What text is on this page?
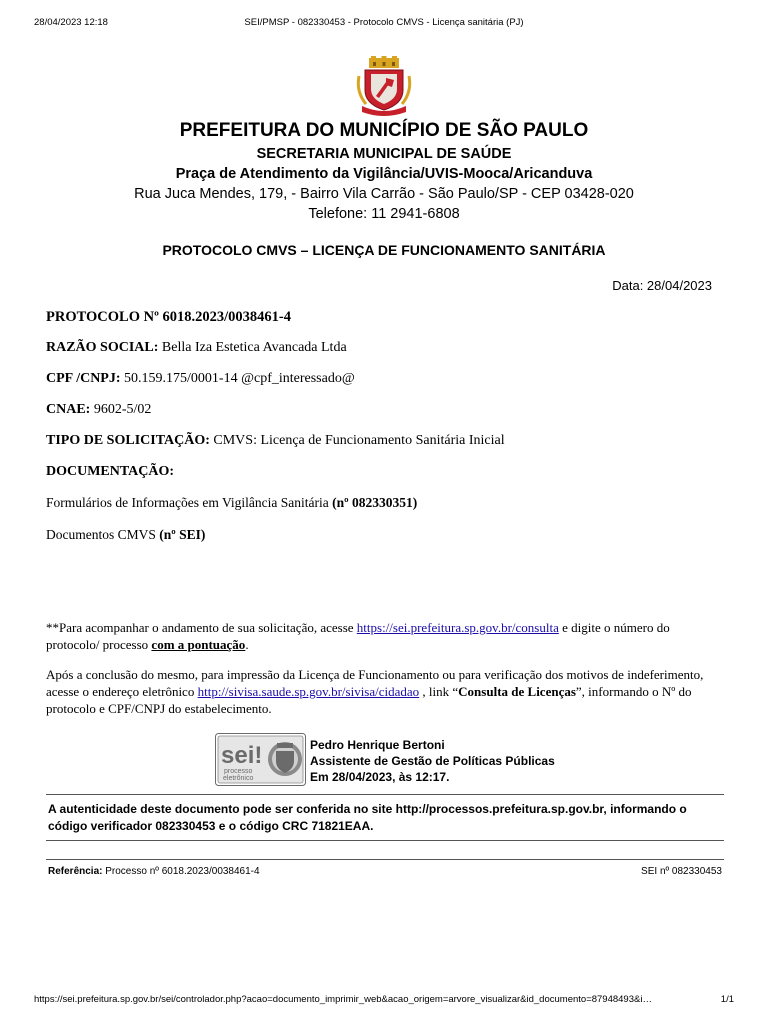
28/04/2023 12:18	SEI/PMSP - 082330453 - Protocolo CMVS - Licença sanitária (PJ)
PREFEITURA DO MUNICÍPIO DE SÃO PAULO
SECRETARIA MUNICIPAL DE SAÚDE
Praça de Atendimento da Vigilância/UVIS-Mooca/Aricanduva
Rua Juca Mendes, 179, - Bairro Vila Carrão - São Paulo/SP - CEP 03428-020
Telefone: 11 2941-6808
PROTOCOLO CMVS – LICENÇA DE FUNCIONAMENTO SANITÁRIA
Data: 28/04/2023
PROTOCOLO Nº 6018.2023/0038461-4
RAZÃO SOCIAL: Bella Iza Estetica Avancada Ltda
CPF /CNPJ: 50.159.175/0001-14 @cpf_interessado@
CNAE: 9602-5/02
TIPO DE SOLICITAÇÃO: CMVS: Licença de Funcionamento Sanitária Inicial
DOCUMENTAÇÃO:
Formulários de Informações em Vigilância Sanitária (nº 082330351)
Documentos CMVS (nº SEI)
**Para acompanhar o andamento de sua solicitação, acesse https://sei.prefeitura.sp.gov.br/consulta e digite o número do protocolo/ processo com a pontuação.
Após a conclusão do mesmo, para impressão da Licença de Funcionamento ou para verificação dos motivos de indeferimento, acesse o endereço eletrônico http://sivisa.saude.sp.gov.br/sivisa/cidadao , link “Consulta de Licenças”, informando o Nº do protocolo e CPF/CNPJ do estabelecimento.
sei!
processo
eletrônico
Pedro Henrique Bertoni
Assistente de Gestão de Políticas Públicas
Em 28/04/2023, às 12:17.
A autenticidade deste documento pode ser conferida no site http://processos.prefeitura.sp.gov.br, informando o código verificador 082330453 e o código CRC 71821EAA.
Referência: Processo nº 6018.2023/0038461-4	SEI nº 082330453
https://sei.prefeitura.sp.gov.br/sei/controlador.php?acao=documento_imprimir_web&acao_origem=arvore_visualizar&id_documento=87948493&i…	1/1
